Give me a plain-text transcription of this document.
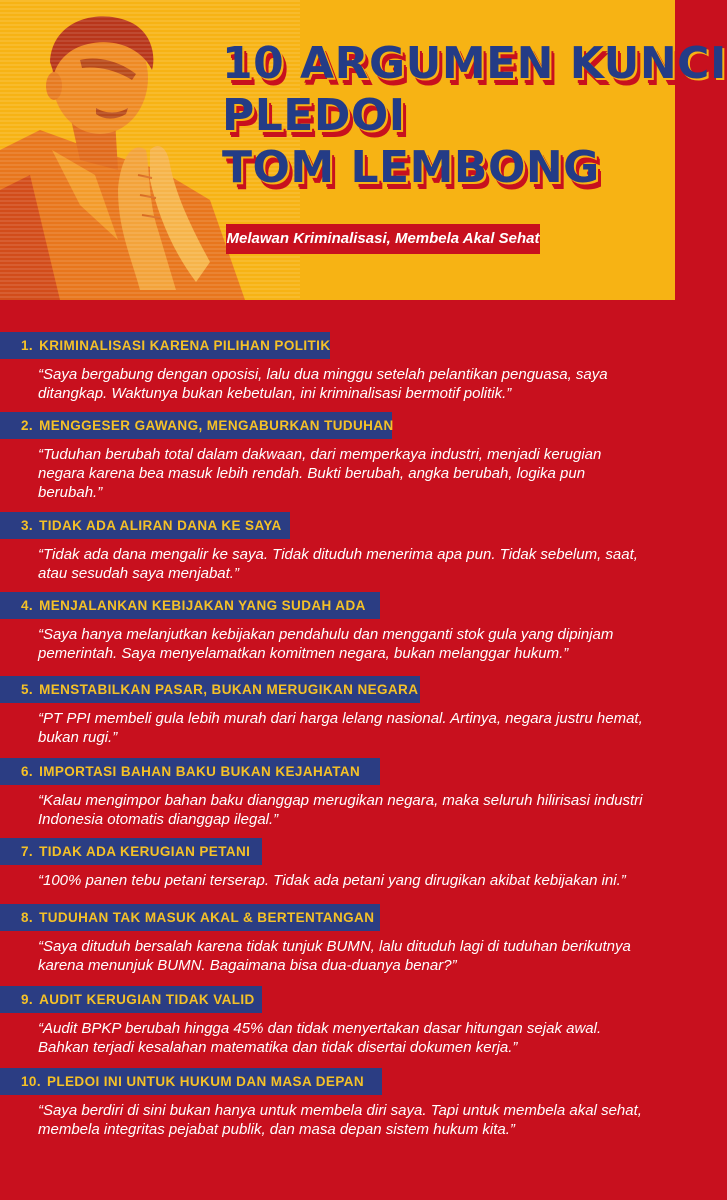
10 ARGUMEN KUNCI
PLEDOI
TOM LEMBONG
Melawan Kriminalisasi, Membela Akal Sehat
1. KRIMINALISASI KARENA PILIHAN POLITIK

“Saya bergabung dengan oposisi, lalu dua minggu setelah pelantikan penguasa, saya ditangkap. Waktunya bukan kebetulan, ini kriminalisasi bermotif politik.”

2. MENGGESER GAWANG, MENGABURKAN TUDUHAN

“Tuduhan berubah total dalam dakwaan, dari memperkaya industri, menjadi kerugian negara karena bea masuk lebih rendah. Bukti berubah, angka berubah, logika pun berubah.”

3. TIDAK ADA ALIRAN DANA KE SAYA

“Tidak ada dana mengalir ke saya. Tidak dituduh menerima apa pun. Tidak sebelum, saat, atau sesudah saya menjabat.”

4. MENJALANKAN KEBIJAKAN YANG SUDAH ADA

“Saya hanya melanjutkan kebijakan pendahulu dan mengganti stok gula yang dipinjam pemerintah. Saya menyelamatkan komitmen negara, bukan melanggar hukum.”

5. MENSTABILKAN PASAR, BUKAN MERUGIKAN NEGARA

“PT PPI membeli gula lebih murah dari harga lelang nasional. Artinya, negara justru hemat, bukan rugi.”

6. IMPORTASI BAHAN BAKU BUKAN KEJAHATAN

“Kalau mengimpor bahan baku dianggap merugikan negara, maka seluruh hilirisasi industri Indonesia otomatis dianggap ilegal.”

7. TIDAK ADA KERUGIAN PETANI

“100% panen tebu petani terserap. Tidak ada petani yang dirugikan akibat kebijakan ini.”

8. TUDUHAN TAK MASUK AKAL & BERTENTANGAN

“Saya dituduh bersalah karena tidak tunjuk BUMN, lalu dituduh lagi di tuduhan berikutnya karena menunjuk BUMN. Bagaimana bisa dua-duanya benar?”

9. AUDIT KERUGIAN TIDAK VALID

“Audit BPKP berubah hingga 45% dan tidak menyertakan dasar hitungan sejak awal. Bahkan terjadi kesalahan matematika dan tidak disertai dokumen kerja.”

10. PLEDOI INI UNTUK HUKUM DAN MASA DEPAN

“Saya berdiri di sini bukan hanya untuk membela diri saya. Tapi untuk membela akal sehat, membela integritas pejabat publik, dan masa depan sistem hukum kita.”
